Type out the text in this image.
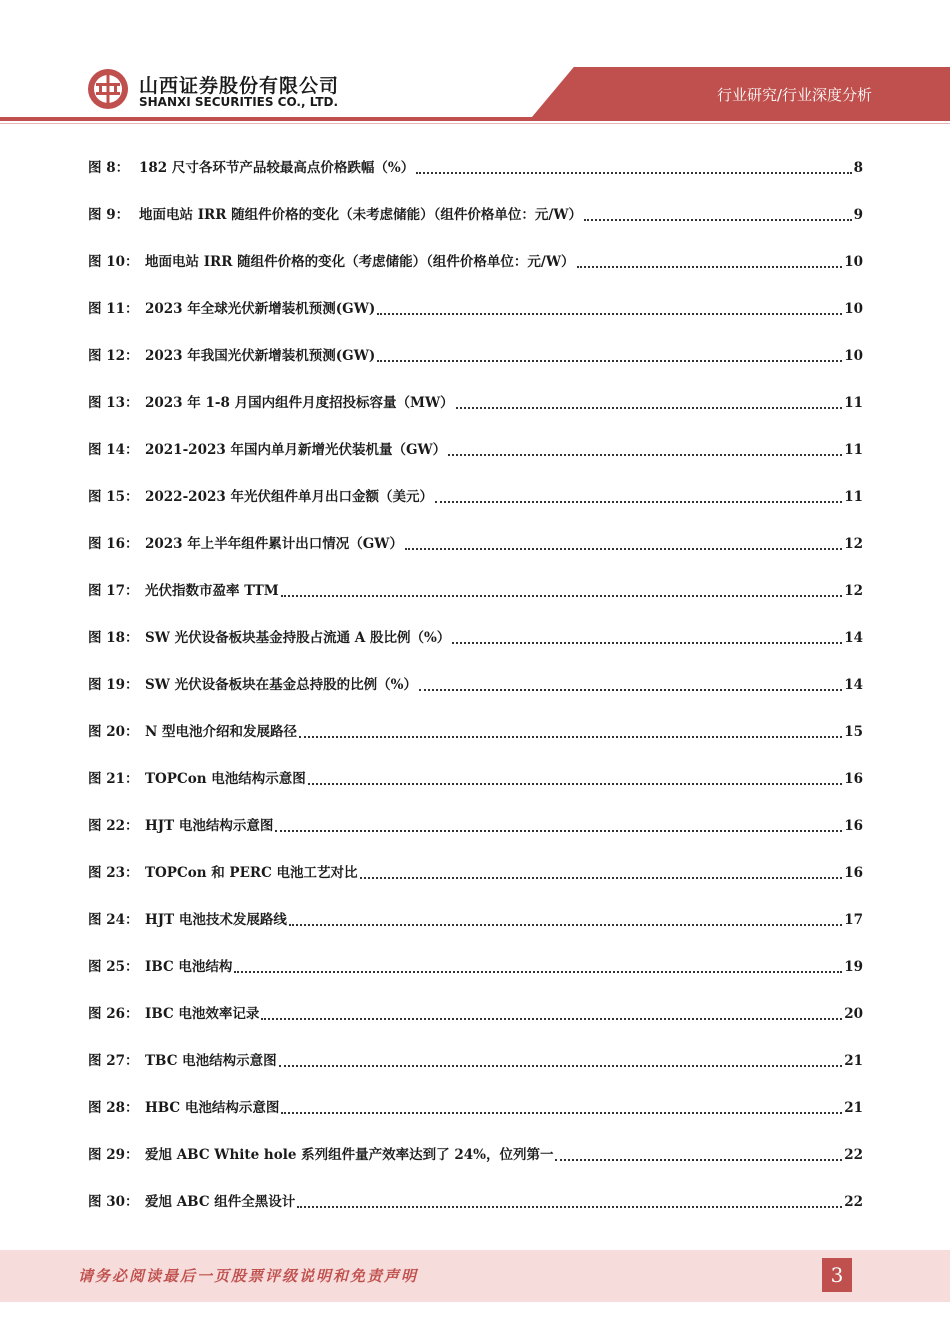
山西证券股份有限公司
SHANXI SECURITIES CO., LTD.	行业研究/行业深度分析
图 8： 182 尺寸各环节产品较最高点价格跌幅（%）	8
图 9： 地面电站 IRR 随组件价格的变化（未考虑储能）（组件价格单位：元/W）	9
图 10： 地面电站 IRR 随组件价格的变化（考虑储能）（组件价格单位：元/W）	10
图 11： 2023 年全球光伏新增装机预测(GW)	10
图 12： 2023 年我国光伏新增装机预测(GW)	10
图 13： 2023 年 1-8 月国内组件月度招投标容量（MW）	11
图 14： 2021-2023 年国内单月新增光伏装机量（GW）	11
图 15： 2022-2023 年光伏组件单月出口金额（美元）	11
图 16： 2023 年上半年组件累计出口情况（GW）	12
图 17： 光伏指数市盈率 TTM	12
图 18： SW 光伏设备板块基金持股占流通 A 股比例（%）	14
图 19： SW 光伏设备板块在基金总持股的比例（%）	14
图 20： N 型电池介绍和发展路径	15
图 21： TOPCon 电池结构示意图	16
图 22： HJT 电池结构示意图	16
图 23： TOPCon 和 PERC 电池工艺对比	16
图 24： HJT 电池技术发展路线	17
图 25： IBC 电池结构	19
图 26： IBC 电池效率记录	20
图 27： TBC 电池结构示意图	21
图 28： HBC 电池结构示意图	21
图 29： 爱旭 ABC White hole 系列组件量产效率达到了 24%，位列第一	22
图 30： 爱旭 ABC 组件全黑设计	22
请务必阅读最后一页股票评级说明和免责声明	3
